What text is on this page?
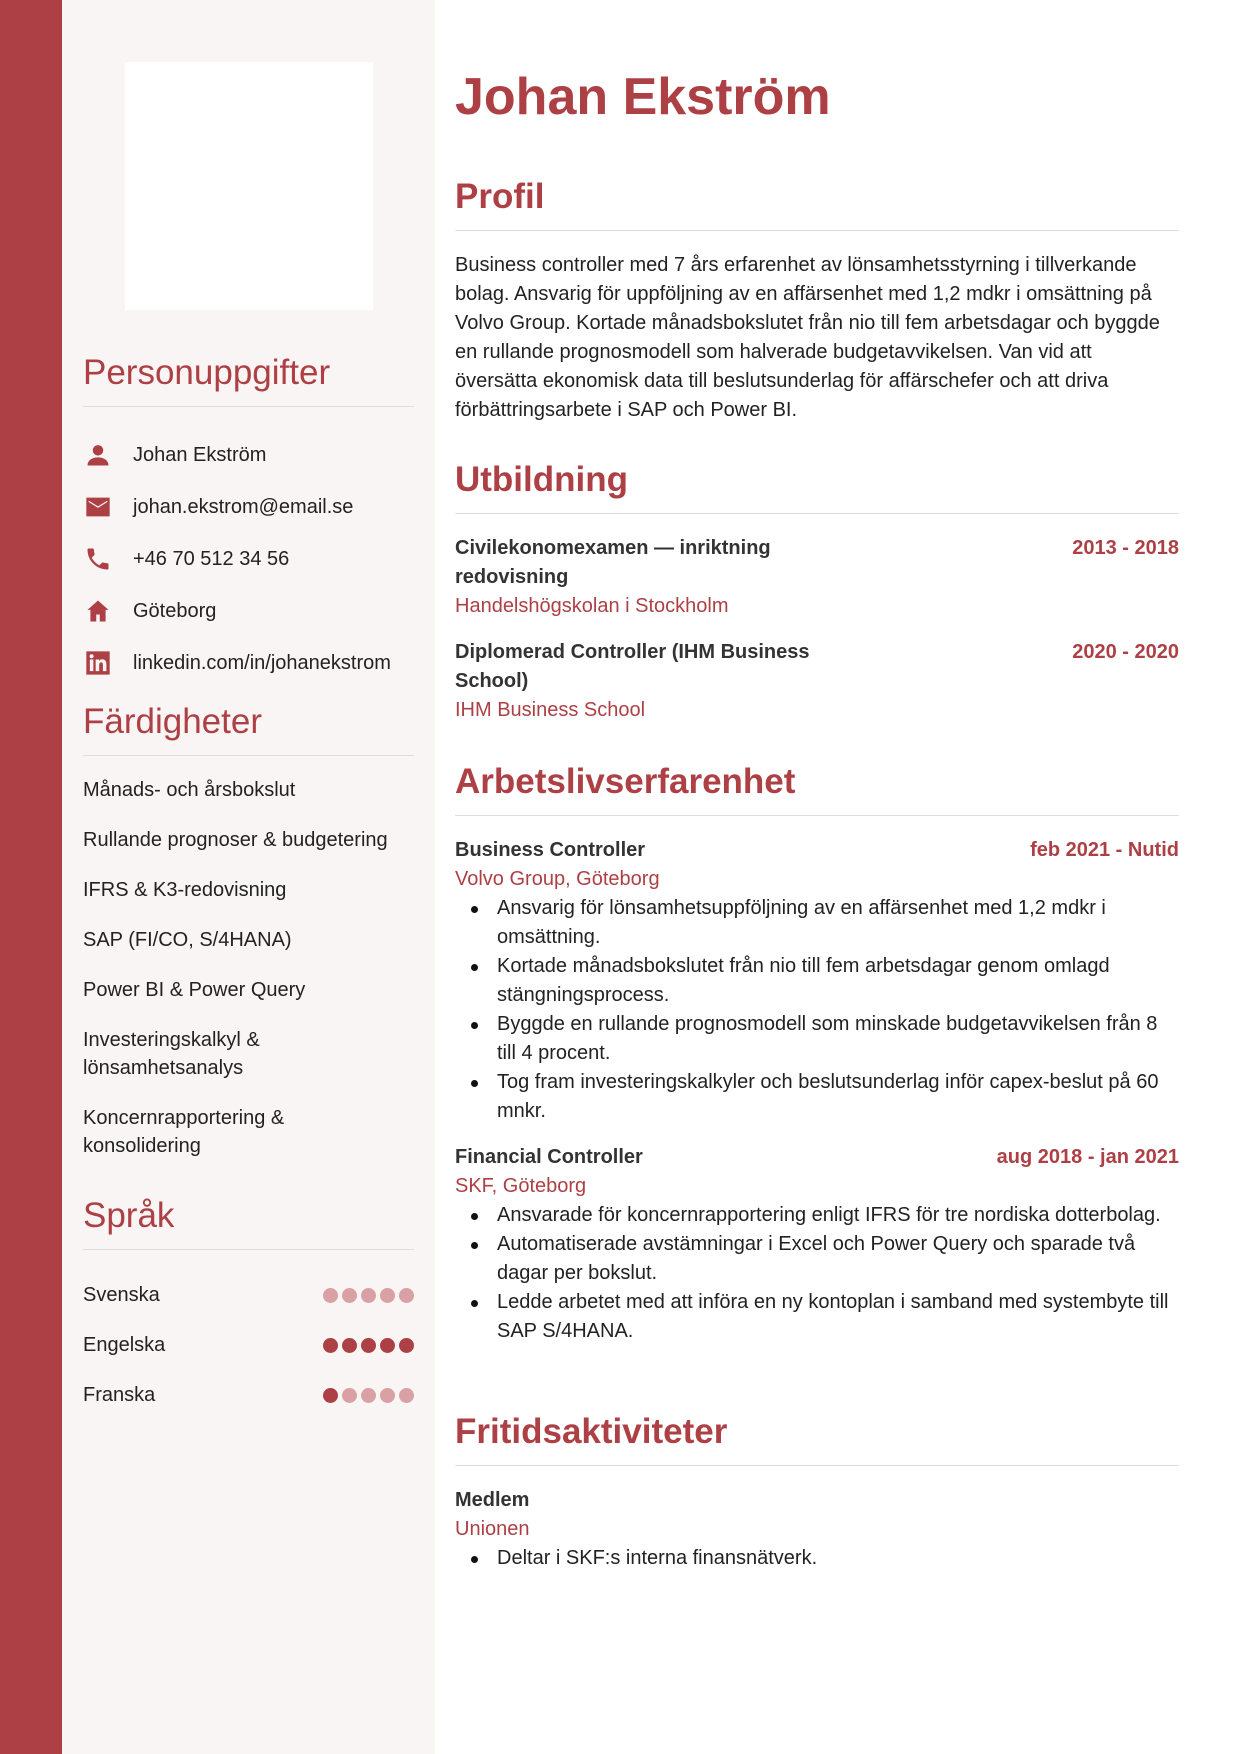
Personuppgifter
Johan Ekström
johan.ekstrom@email.se
+46 70 512 34 56
Göteborg
linkedin.com/in/johanekstrom
Färdigheter
Månads- och årsbokslut
Rullande prognoser & budgetering
IFRS & K3-redovisning
SAP (FI/CO, S/4HANA)
Power BI & Power Query
Investeringskalkyl & lönsamhetsanalys
Koncernrapportering & konsolidering
Språk
Svenska
Engelska
Franska
Johan Ekström
Profil

Business controller med 7 års erfarenhet av lönsamhetsstyrning i tillverkande bolag. Ansvarig för uppföljning av en affärsenhet med 1,2 mdkr i omsättning på Volvo Group. Kortade månadsbokslutet från nio till fem arbetsdagar och byggde en rullande prognosmodell som halverade budgetavvikelsen. Van vid att översätta ekonomisk data till beslutsunderlag för affärschefer och att driva förbättringsarbete i SAP och Power BI.

Utbildning
Civilekonomexamen — inriktning redovisning
2013 - 2018
Handelshögskolan i Stockholm
Diplomerad Controller (IHM Business School)
2020 - 2020
IHM Business School
Arbetslivserfarenhet
Business Controller	feb 2021 - Nutid
Volvo Group, Göteborg
Ansvarig för lönsamhetsuppföljning av en affärsenhet med 1,2 mdkr i omsättning.
Kortade månadsbokslutet från nio till fem arbetsdagar genom omlagd stängningsprocess.
Byggde en rullande prognosmodell som minskade budgetavvikelsen från 8 till 4 procent.
Tog fram investeringskalkyler och beslutsunderlag inför capex-beslut på 60 mnkr.
Financial Controller	aug 2018 - jan 2021
SKF, Göteborg
Ansvarade för koncernrapportering enligt IFRS för tre nordiska dotterbolag.
Automatiserade avstämningar i Excel och Power Query och sparade två dagar per bokslut.
Ledde arbetet med att införa en ny kontoplan i samband med systembyte till SAP S/4HANA.
Fritidsaktiviteter
Medlem
Unionen
Deltar i SKF:s interna finansnätverk.
